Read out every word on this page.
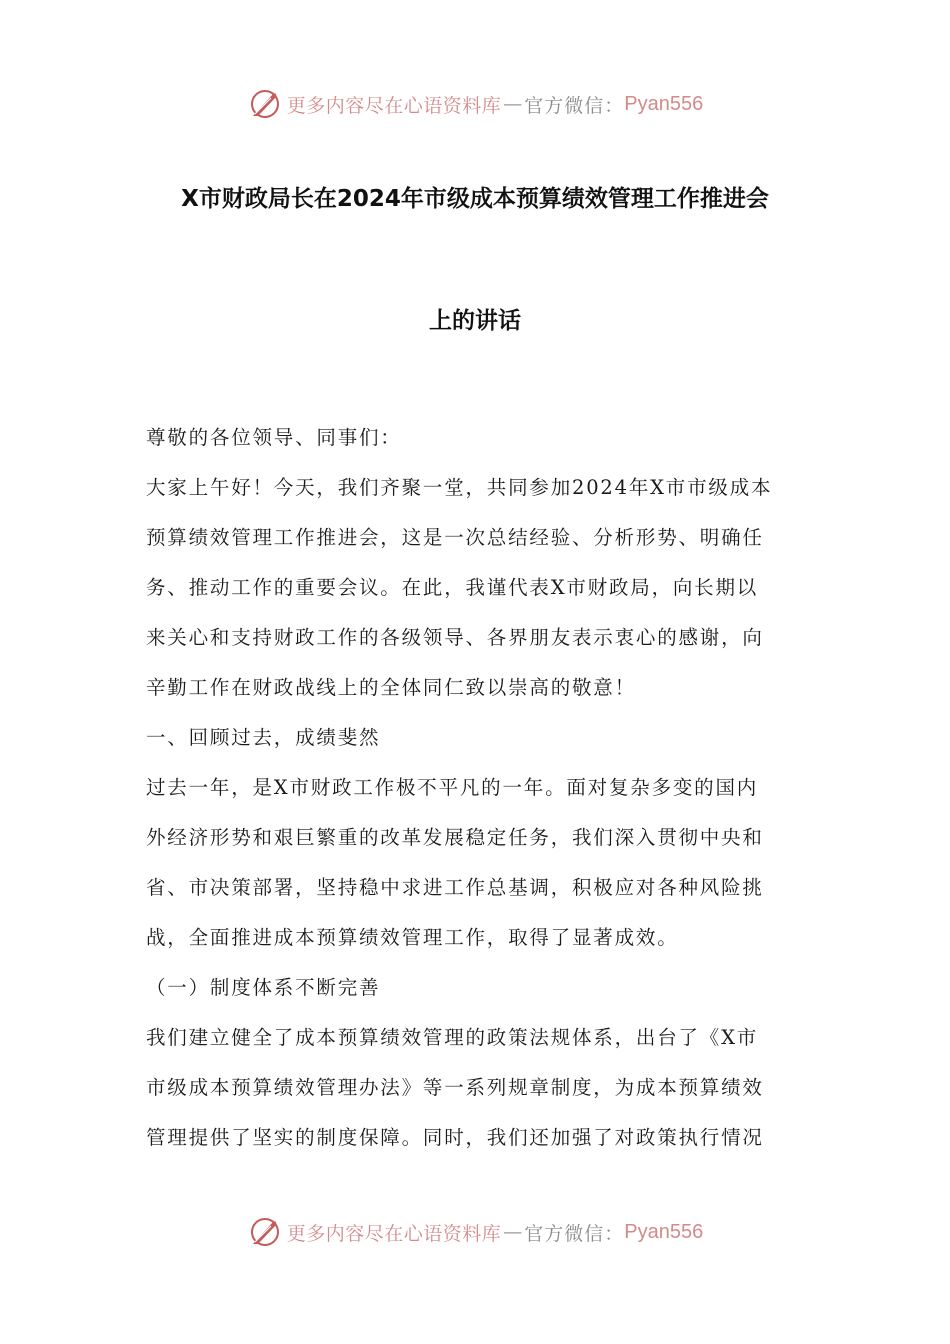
更多内容尽在心语资料库 — 官方微信： Pyan556
X市财政局长在2024年市级成本预算绩效管理工作推进会
上的讲话

尊敬的各位领导、同事们：

大家上午好！今天，我们齐聚一堂，共同参加2024年X市市级成本

预算绩效管理工作推进会，这是一次总结经验、分析形势、明确任

务、推动工作的重要会议。在此，我谨代表X市财政局，向长期以

来关心和支持财政工作的各级领导、各界朋友表示衷心的感谢，向

辛勤工作在财政战线上的全体同仁致以崇高的敬意！

一、回顾过去，成绩斐然

过去一年，是X市财政工作极不平凡的一年。面对复杂多变的国内

外经济形势和艰巨繁重的改革发展稳定任务，我们深入贯彻中央和

省、市决策部署，坚持稳中求进工作总基调，积极应对各种风险挑

战，全面推进成本预算绩效管理工作，取得了显著成效。

（一）制度体系不断完善

我们建立健全了成本预算绩效管理的政策法规体系，出台了《X市

市级成本预算绩效管理办法》等一系列规章制度，为成本预算绩效

管理提供了坚实的制度保障。同时，我们还加强了对政策执行情况

更多内容尽在心语资料库 — 官方微信： Pyan556
